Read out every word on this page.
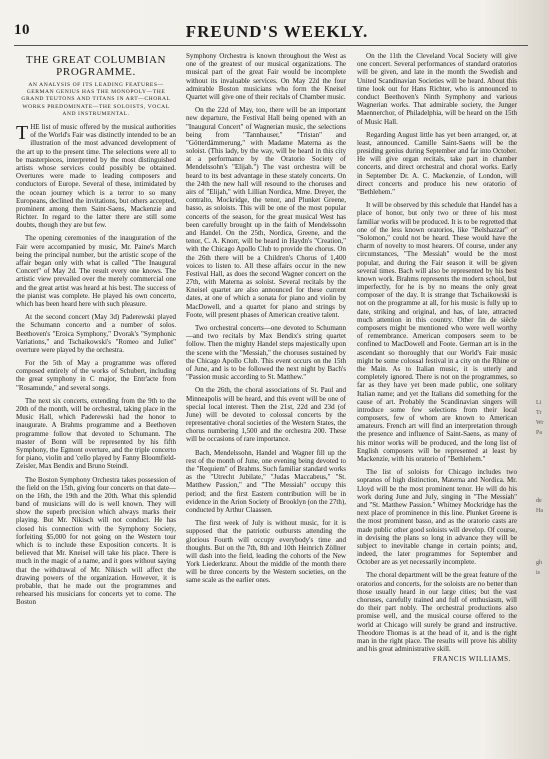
10	FREUND'S WEEKLY.
THE GREAT COLUMBIAN PROGRAMME.
AN ANALYSIS OF ITS LEADING FEATURES—GERMAN GENIUS HAS THE MONOPOLY—THE GRAND TEUTONS AND TITANS IN ART—CHORAL WORKS PREDOMINATE—THE SOLOISTS, VOCAL AND INSTRUMENTAL.

THE list of music offered by the musical authorities of the World's Fair was distinctly intended to be an illustration of the most advanced development of the art up to the present time. The selections were all to be masterpieces, interpreted by the most distinguished artists whose services could possibly be obtained. Overtures were made to leading composers and conductors of Europe. Several of these, intimidated by the ocean journey which is a terror to so many Europeans, declined the invitations, but others accepted, prominent among them Saint-Saens, Mackenzie and Richter. In regard to the latter there are still some doubts, though they are but few.

The opening ceremonies of the inauguration of the Fair were accompanied by music, Mr. Paine's March being the principal number, but the artistic scope of the affair began only with what is called "The Inaugural Concert" of May 2d. The result every one knows. The artistic view prevailed over the merely commercial one and the great artist was heard at his best. The success of the pianist was complete. He played his own concerto, which has been heard here with such pleasure.

At the second concert (May 3d) Paderewski played the Schumann concerto and a number of solos. Beethoven's "Eroica Symphony," Dvorak's "Symphonic Variations," and Tschaikowski's "Romeo and Juliet" overture were played by the orchestra.

For the 5th of May a programme was offered composed entirely of the works of Schubert, including the great symphony in C major, the Entr'acte from "Rosamunde," and several songs.

The next six concerts, extending from the 9th to the 20th of the month, will be orchestral, taking place in the Music Hall, which Paderewski had the honor to inaugurate. A Brahms programme and a Beethoven programme follow that devoted to Schumann. The master of Bonn will be represented by his fifth Symphony, the Egmont overture, and the triple concerto for piano, violin and 'cello played by Fanny Bloomfield-Zeisler, Max Bendix and Bruno Steindl.

The Boston Symphony Orchestra takes possession of the field on the 15th, giving four concerts on that date—on the 16th, the 19th and the 20th. What this splendid band of musicians will do is well known. They will show the superb precision which always marks their playing. But Mr. Nikisch will not conduct. He has closed his connection with the Symphony Society, forfeiting $5,000 for not going on the Western tour which is to include these Exposition concerts. It is believed that Mr. Kneisel will take his place. There is much in the magic of a name, and it goes without saying that the withdrawal of Mr. Nikisch will affect the drawing powers of the organization. However, it is probable, that he made out the programmes and rehearsed his musicians for concerts yet to come. The Boston

Symphony Orchestra is known throughout the West as one of the greatest of our musical organizations. The musical part of the great Fair would be incomplete without its invaluable services. On May 22d the four admirable Boston musicians who form the Kneisel Quartet will give one of their recitals of Chamber music.

On the 22d of May, too, there will be an important new departure, the Festival Hall being opened with an "Inaugural Concert" of Wagnerian music, the selections being from "Tannhauser," "Tristan" and "Götterdämmerung," with Madame Materna as the soloist. (This lady, by the way, will be heard in this city at a performance by the Oratorio Society of Mendelssohn's "Elijah.") The vast orchestra will be heard to its best advantage in these stately concerts. On the 24th the new hall will resound to the choruses and airs of "Elijah," with Lillian Nordica, Mme. Dreyer, the contralto, Mockridge, the tenor, and Plunket Greene, basso, as soloists. This will be one of the most popular concerts of the season, for the great musical West has been carefully brought up in the faith of Mendelssohn and Handel. On the 25th, Nordica, Greene, and the tenor, C. A. Knorr, will be heard in Haydn's "Creation," with the Chicago Apollo Club to provide the chorus. On the 26th there will be a Children's Chorus of 1,400 voices to listen to. All these affairs occur in the new Festival Hall, as does the second Wagner concert on the 27th, with Materna as soloist. Several recitals by the Kneisel quartet are also announced for these current dates, at one of which a sonata for piano and violin by MacDowell, and a quartet for piano and strings by Foote, will present phases of American creative talent.

Two orchestral concerts—one devoted to Schumann—and two recitals by Max Bendix's string quartet follow. Then the mighty Handel steps majestically upon the scene with the "Messiah," the choruses sustained by the Chicago Apollo Club. This event occurs on the 15th of June, and is to be followed the next night by Bach's "Passion music according to St. Matthew."

On the 26th, the choral associations of St. Paul and Minneapolis will be heard, and this event will be one of special local interest. Then the 21st, 22d and 23d (of June) will be devoted to colossal concerts by the representative choral societies of the Western States, the chorus numbering 1,500 and the orchestra 200. These will be occasions of rare importance.

Bach, Mendelssohn, Handel and Wagner fill up the rest of the month of June, one evening being devoted to the "Requiem" of Brahms. Such familiar standard works as the "Utrecht Jubilate," "Judas Maccabeus," "St. Matthew Passion," and "The Messiah" occupy this period; and the first Eastern contribution will be in evidence in the Arion Society of Brooklyn (on the 27th), conducted by Arthur Claassen.

The first week of July is without music, for it is supposed that the patriotic outbursts attending the glorious Fourth will occupy everybody's time and thoughts. But on the 7th, 8th and 10th Heinrich Zöllner will dash into the field, leading the cohorts of the New York Liederkranz. About the middle of the month there will be three concerts by the Western societies, on the same scale as the earlier ones.

On the 11th the Cleveland Vocal Society will give one concert. Several performances of standard oratorios will be given, and late in the month the Swedish and United Scandinavian Societies will be heard. About this time look out for Hans Richter, who is announced to conduct Beethoven's Ninth Symphony and various Wagnerian works. That admirable society, the Junger Maennerchor, of Philadelphia, will be heard on the 15th of Music Hall.

Regarding August little has yet been arranged, or, at least, announced. Camille Saint-Saens will be the presiding genius during September and far into October. He will give organ recitals, take part in chamber concerts, and direct orchestral and choral works. Early in September Dr. A. C. Mackenzie, of London, will direct concerts and produce his new oratorio of "Bethlehem."

It will be observed by this schedule that Handel has a place of honor, but only two or three of his most familiar works will be produced. It is to be regretted that one of the less known oratorios, like "Belshazzar" or "Solomon," could not be heard. These would have the charm of novelty to most hearers. Of course, under any circumstances, "The Messiah" would be the most popular, and during the Fair season it will be given several times. Bach will also be represented by his best known work. Brahms represents the modern school, but imperfectly, for he is by no means the only great composer of the day. It is strange that Tschaikowski is not on the programme at all, for his music is fully up to date, striking and original, and has, of late, attracted much attention in this country. Other fin de siècle composers might be mentioned who were well worthy of remembrance. American composers seem to be confined to MacDowell and Foote. German art is in the ascendant so thoroughly that our World's Fair music might be some colossal festival in a city on the Rhine or the Main. As to Italian music, it is utterly and completely ignored. There is not on the programmes, so far as they have yet been made public, one solitary Italian name; and yet the Italians did something for the cause of art. Probably the Scandinavian singers will introduce some few selections from their local composers, few of whom are known to American amateurs. French art will find an interpretation through the presence and influence of Saint-Saens, as many of his minor works will be produced, and the long list of English composers will be represented at least by Mackenzie, with his oratorio of "Bethlehem."

The list of soloists for Chicago includes two sopranos of high distinction, Materna and Nordica. Mr. Lloyd will be the most prominent tenor. He will do his work during June and July, singing in "The Messiah" and "St. Matthew Passion." Whitney Mockridge has the next place of prominence in this line. Plunket Greene is the most prominent basso, and as the oratorio casts are made public other good soloists will develop. Of course, in devising the plans so long in advance they will be subject to inevitable change in certain points; and, indeed, the later programmes for September and October are as yet necessarily incomplete.

The choral department will be the great feature of the oratorios and concerts, for the soloists are no better than those usually heard in our large cities; but the vast choruses, carefully trained and full of enthusiasm, will do their part nobly. The orchestral productions also promise well, and the musical course offered to the world at Chicago will surely be grand and instructive. Theodore Thomas is at the head of it, and is the right man in the right place. The results will prove his ability and his great administrative skill.

FRANCIS WILLIAMS.
Li
Tr
Wr
Pa
de
Ha
gh
is
